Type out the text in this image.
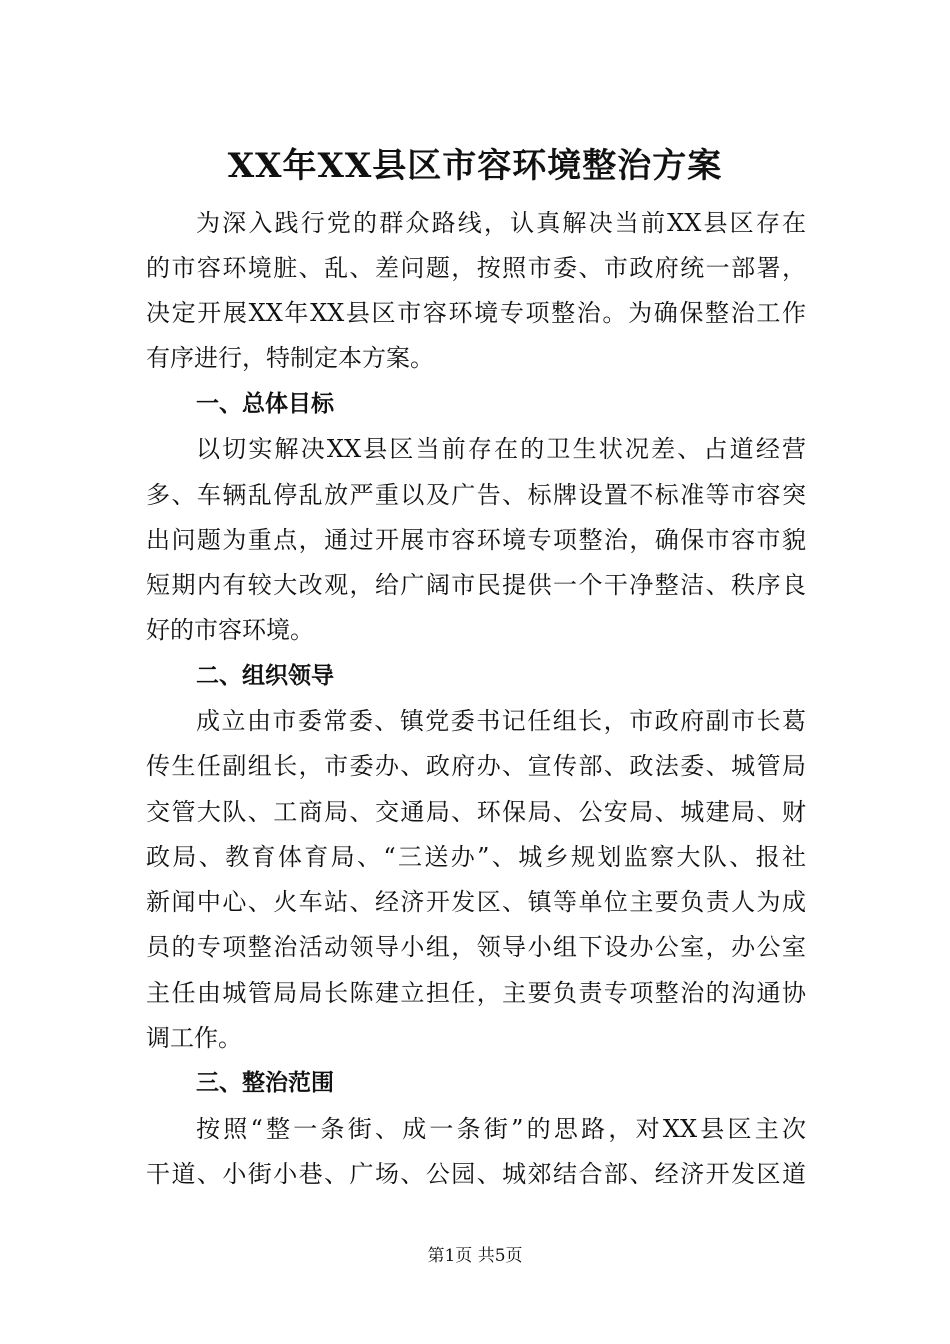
XX年XX县区市容环境整治方案
为深入践行党的群众路线，认真解决当前XX县区存在
的市容环境脏、乱、差问题，按照市委、市政府统一部署，
决定开展XX年XX县区市容环境专项整治。为确保整治工作
有序进行，特制定本方案。
一、总体目标
以切实解决XX县区当前存在的卫生状况差、占道经营
多、车辆乱停乱放严重以及广告、标牌设置不标准等市容突
出问题为重点，通过开展市容环境专项整治，确保市容市貌
短期内有较大改观，给广阔市民提供一个干净整洁、秩序良
好的市容环境。
二、组织领导
成立由市委常委、镇党委书记任组长，市政府副市长葛
传生任副组长，市委办、政府办、宣传部、政法委、城管局
交管大队、工商局、交通局、环保局、公安局、城建局、财
政局、教育体育局、“三送办”、城乡规划监察大队、报社
新闻中心、火车站、经济开发区、镇等单位主要负责人为成
员的专项整治活动领导小组，领导小组下设办公室，办公室
主任由城管局局长陈建立担任，主要负责专项整治的沟通协
调工作。
三、整治范围
按照“整一条街、成一条街”的思路，对XX县区主次
干道、小街小巷、广场、公园、城郊结合部、经济开发区道
第1页 共5页
